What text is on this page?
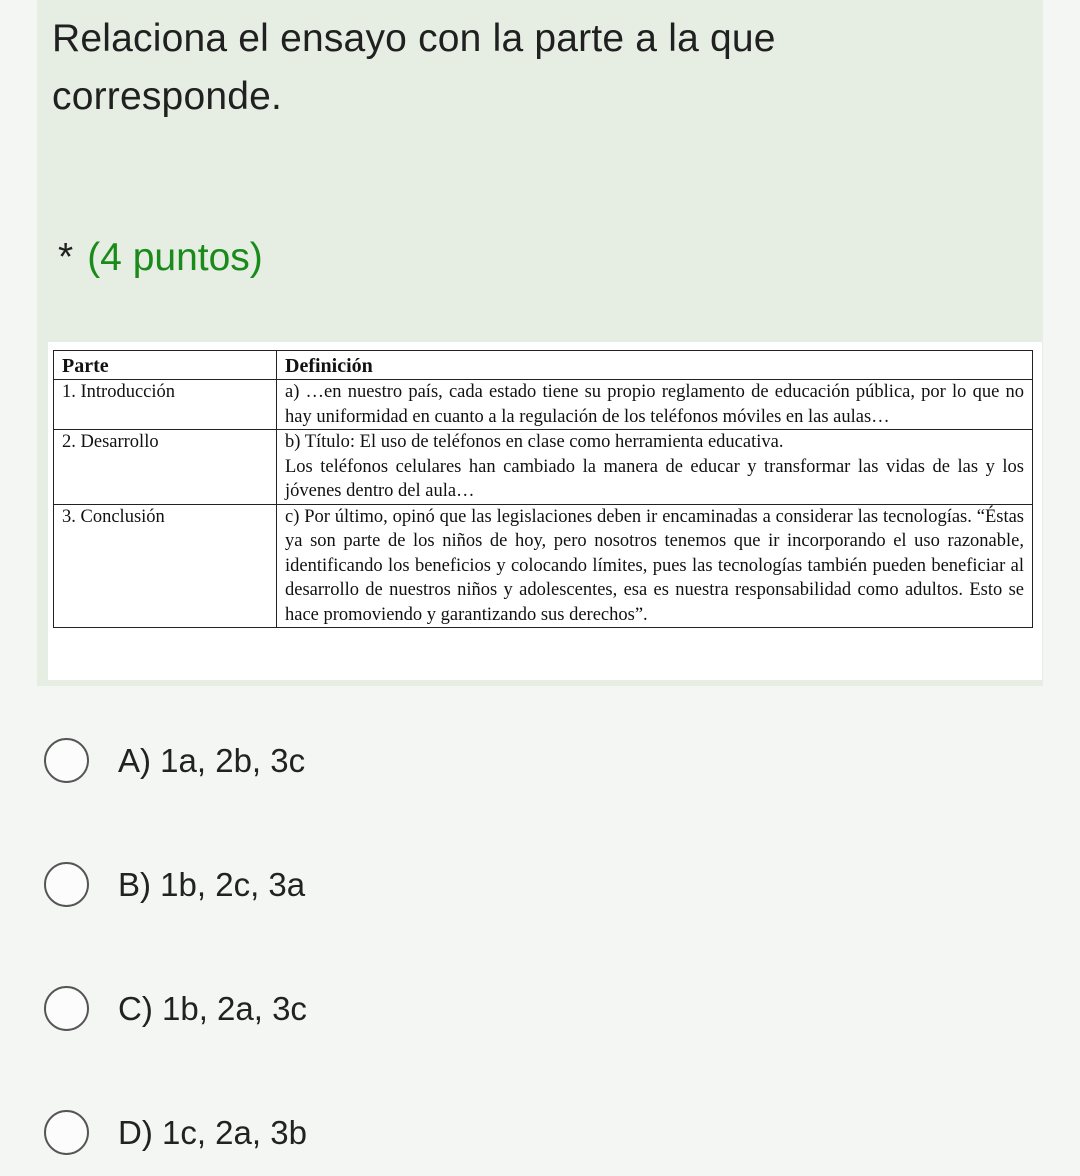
Relaciona el ensayo con la parte a la que corresponde.
* (4 puntos)
Parte	Definición
1. Introducción	a) …en nuestro país, cada estado tiene su propio reglamento de educación pública, por lo que no hay uniformidad en cuanto a la regulación de los teléfonos móviles en las aulas…
2. Desarrollo	b) Título: El uso de teléfonos en clase como herramienta educativa.
Los teléfonos celulares han cambiado la manera de educar y transformar las vidas de las y los jóvenes dentro del aula…

3. Conclusión	c) Por último, opinó que las legislaciones deben ir encaminadas a considerar las tecnologías. “Éstas ya son parte de los niños de hoy, pero nosotros tenemos que ir incorporando el uso razonable, identificando los beneficios y colocando límites, pues las tecnologías también pueden beneficiar al desarrollo de nuestros niños y adolescentes, esa es nuestra responsabilidad como adultos. Esto se hace promoviendo y garantizando sus derechos”.
A) 1a, 2b, 3c
B) 1b, 2c, 3a
C) 1b, 2a, 3c
D) 1c, 2a, 3b
